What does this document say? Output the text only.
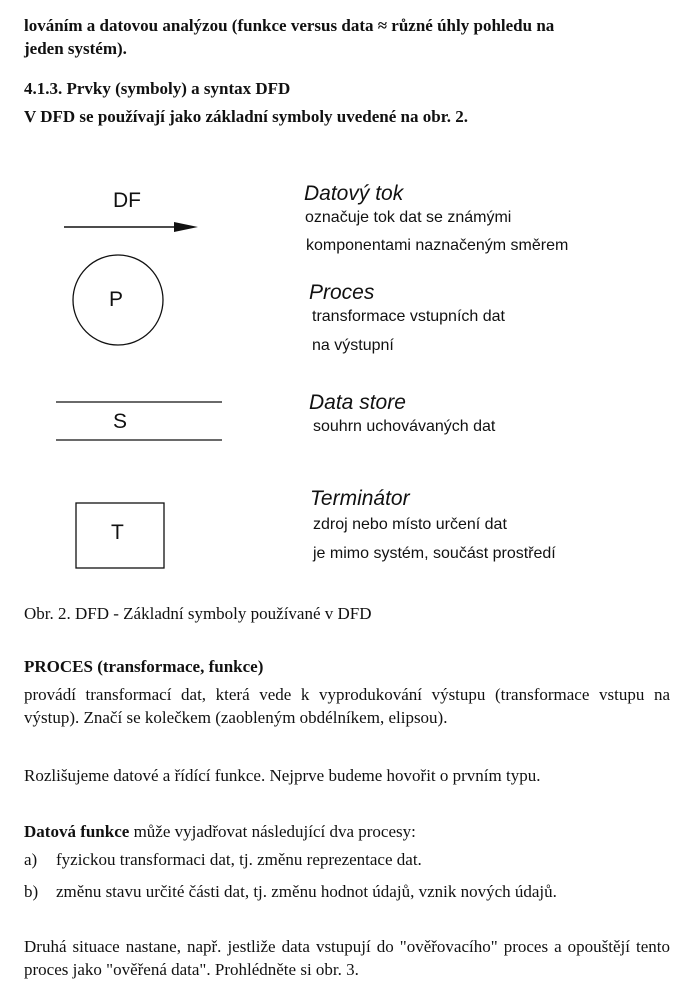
lováním a datovou analýzou (funkce versus data ≈ různé úhly pohledu na
jeden systém).
4.1.3. Prvky (symboly) a syntax DFD
V DFD se používají jako základní symboly uvedené na obr. 2.
DF
P
S
T
Datový tok
označuje tok dat se známými
komponentami naznačeným směrem
Proces
transformace vstupních dat
na výstupní
Data store
souhrn uchovávaných dat
Terminátor
zdroj nebo místo určení dat
je mimo systém, součást prostředí
Obr. 2. DFD - Základní symboly používané v DFD
PROCES (transformace, funkce)
provádí transformací dat, která vede k vyprodukování výstupu (transformace vstupu na výstup). Značí se kolečkem (zaobleným obdélníkem, elipsou).
Rozlišujeme datové a řídící funkce. Nejprve budeme hovořit o prvním typu.
Datová funkce může vyjadřovat následující dva procesy:
a) fyzickou transformaci dat, tj. změnu reprezentace dat.
b) změnu stavu určité části dat, tj. změnu hodnot údajů, vznik nových údajů.
Druhá situace nastane, např. jestliže data vstupují do "ověřovacího" proces a opouštějí tento proces jako "ověřená data". Prohlédněte si obr. 3.
